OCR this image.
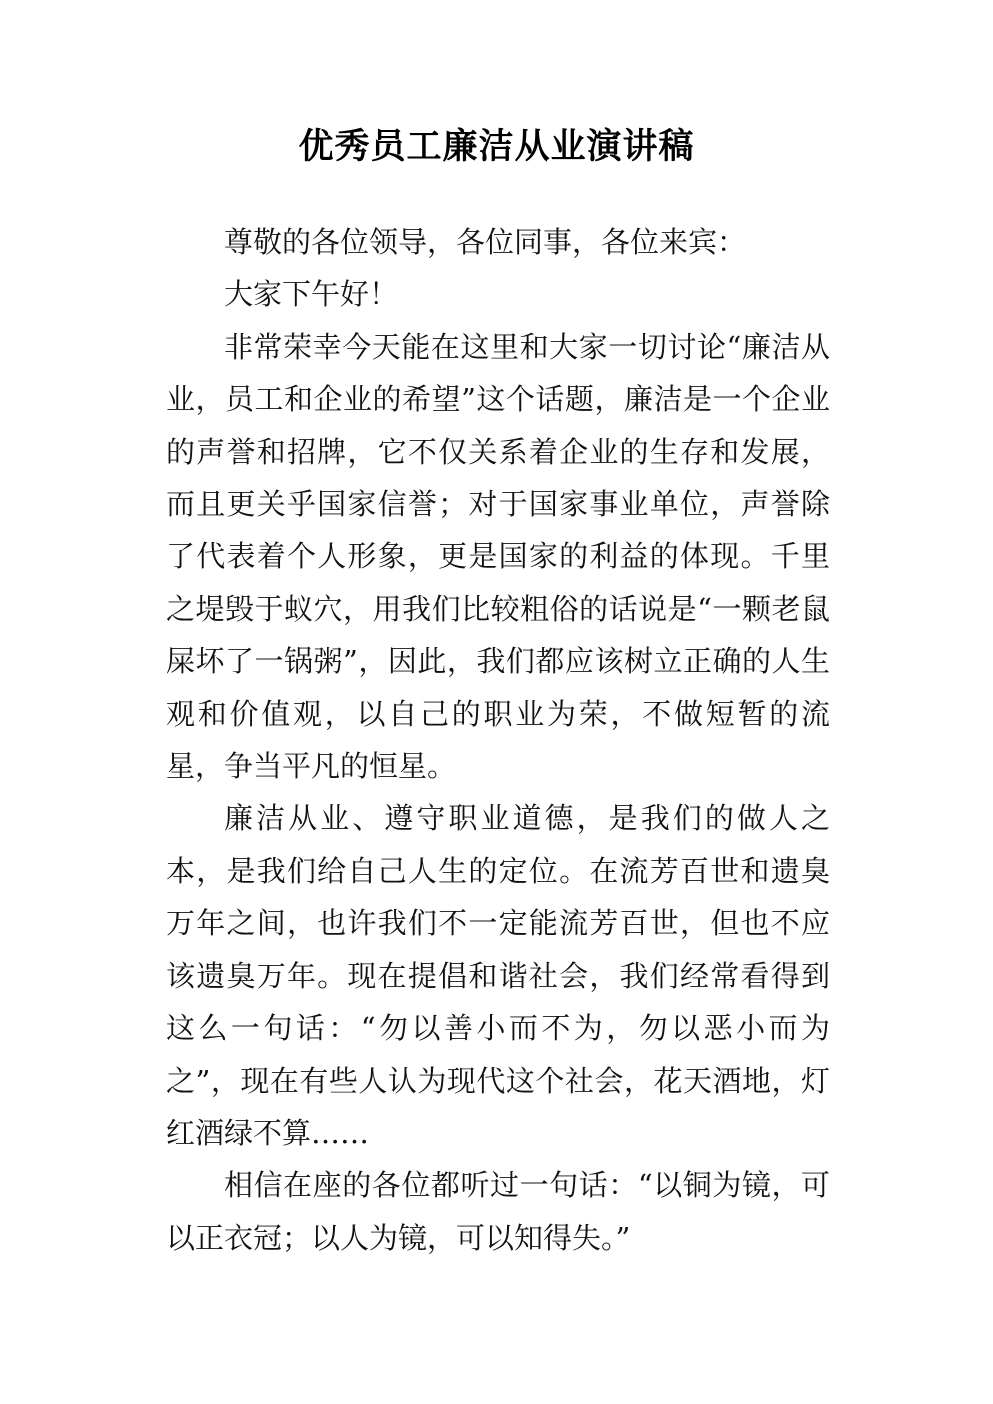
优秀员工廉洁从业演讲稿

尊敬的各位领导，各位同事，各位来宾：

大家下午好！

非常荣幸今天能在这里和大家一切讨论“廉洁从业，员工和企业的希望”这个话题，廉洁是一个企业的声誉和招牌，它不仅关系着企业的生存和发展，而且更关乎国家信誉；对于国家事业单位，声誉除了代表着个人形象，更是国家的利益的体现。千里之堤毁于蚁穴，用我们比较粗俗的话说是“一颗老鼠屎坏了一锅粥”，因此，我们都应该树立正确的人生观和价值观，以自己的职业为荣，不做短暂的流星，争当平凡的恒星。

廉洁从业、遵守职业道德，是我们的做人之本，是我们给自己人生的定位。在流芳百世和遗臭万年之间，也许我们不一定能流芳百世，但也不应该遗臭万年。现在提倡和谐社会，我们经常看得到这么一句话：“勿以善小而不为，勿以恶小而为之”，现在有些人认为现代这个社会，花天酒地，灯红酒绿不算……

相信在座的各位都听过一句话：“以铜为镜，可以正衣冠；以人为镜，可以知得失。”
